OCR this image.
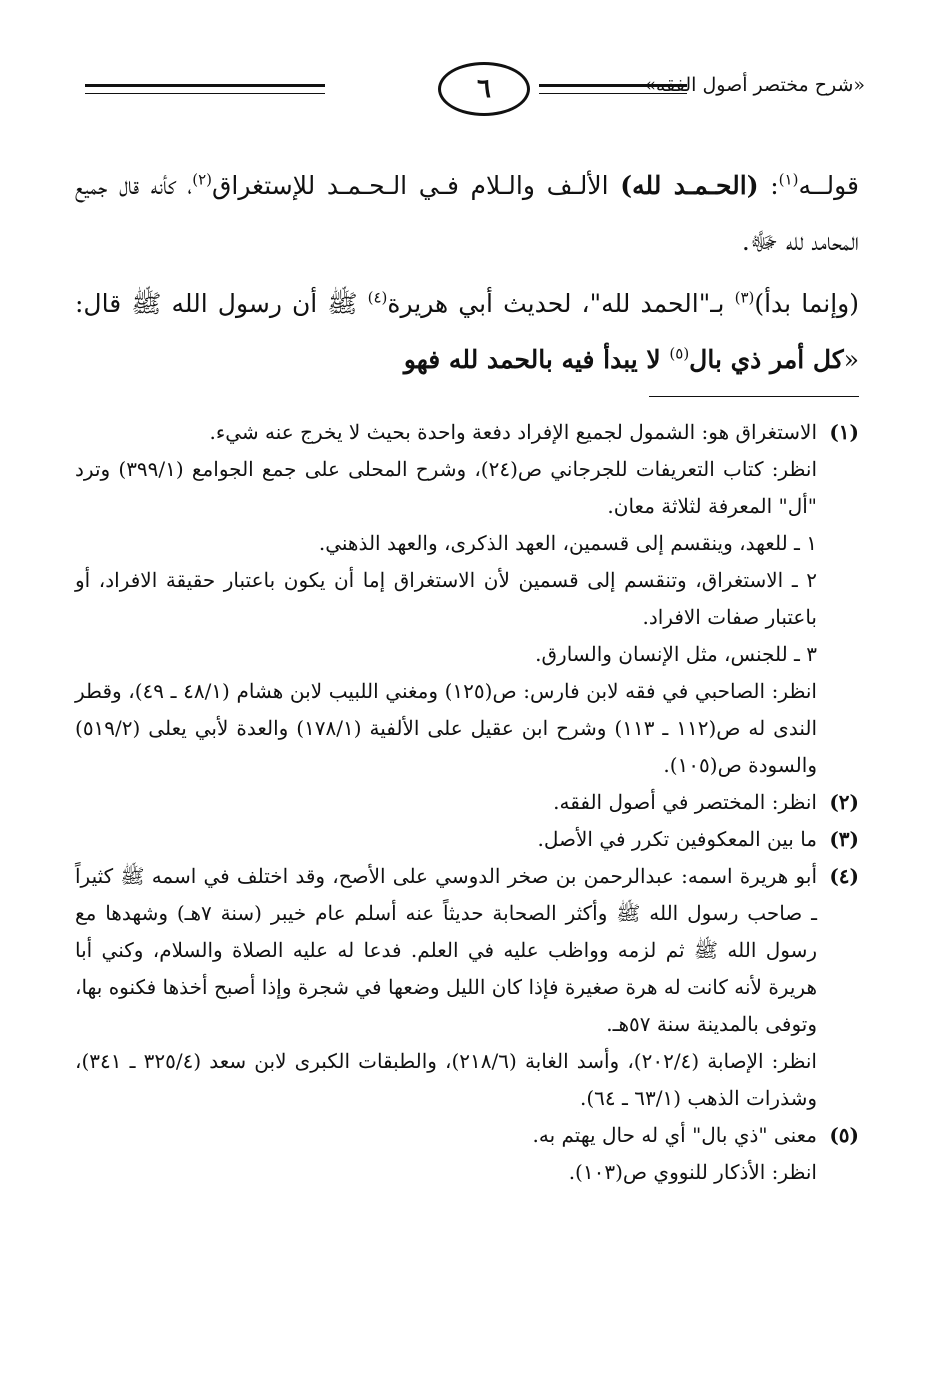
«شرح مختصر أصول الفقه»
٦

قولــه$^{(١)}$: (الحـمـد لله) الألـف والـلام فـي الـحـمـد للإستغراق$^{(٢)}$، كأنه قال جميع المحامد لله ﷻ.

(وإنما بدأ)$^{(٣)}$ بـ"الحمد لله"، لحديث أبي هريرة$^{(٤)}$ ﷺ أن رسول الله ﷺ قال: «كل أمر ذي بال$^{(٥)}$ لا يبدأ فيه بالحمد لله فهو

(١)
الاستغراق هو: الشمول لجميع الإفراد دفعة واحدة بحيث لا يخرج عنه شيء.
انظر: كتاب التعريفات للجرجاني ص(٢٤)، وشرح المحلى على جمع الجوامع (٣٩٩/١) وترد "أل" المعرفة لثلاثة معان.
١ ـ للعهد، وينقسم إلى قسمين، العهد الذكرى، والعهد الذهني.
٢ ـ الاستغراق، وتنقسم إلى قسمين لأن الاستغراق إما أن يكون باعتبار حقيقة الافراد، أو باعتبار صفات الافراد.
٣ ـ للجنس، مثل الإنسان والسارق.
انظر: الصاحبي في فقه لابن فارس: ص(١٢٥) ومغني اللبيب لابن هشام (٤٨/١ ـ ٤٩)، وقطر الندى له ص(١١٢ ـ ١١٣) وشرح ابن عقيل على الألفية (١٧٨/١) والعدة لأبي يعلى (٥١٩/٢) والسودة ص(١٠٥).
(٢)
انظر: المختصر في أصول الفقه.
(٣)
ما بين المعكوفين تكرر في الأصل.
(٤)
أبو هريرة اسمه: عبدالرحمن بن صخر الدوسي على الأصح، وقد اختلف في اسمه ﷺ كثيراً ـ صاحب رسول الله ﷺ وأكثر الصحابة حديثاً عنه أسلم عام خيبر (سنة ٧هـ) وشهدها مع رسول الله ﷺ ثم لزمه وواظب عليه في العلم. فدعا له عليه الصلاة والسلام، وكني أبا هريرة لأنه كانت له هرة صغيرة فإذا كان الليل وضعها في شجرة وإذا أصبح أخذها فكنوه بها، وتوفى بالمدينة سنة ٥٧هـ.
انظر: الإصابة (٢٠٢/٤)، وأسد الغابة (٢١٨/٦)، والطبقات الكبرى لابن سعد (٣٢٥/٤ ـ ٣٤١)، وشذرات الذهب (٦٣/١ ـ ٦٤).
(٥)
معنى "ذي بال" أي له حال يهتم به.
انظر: الأذكار للنووي ص(١٠٣).
